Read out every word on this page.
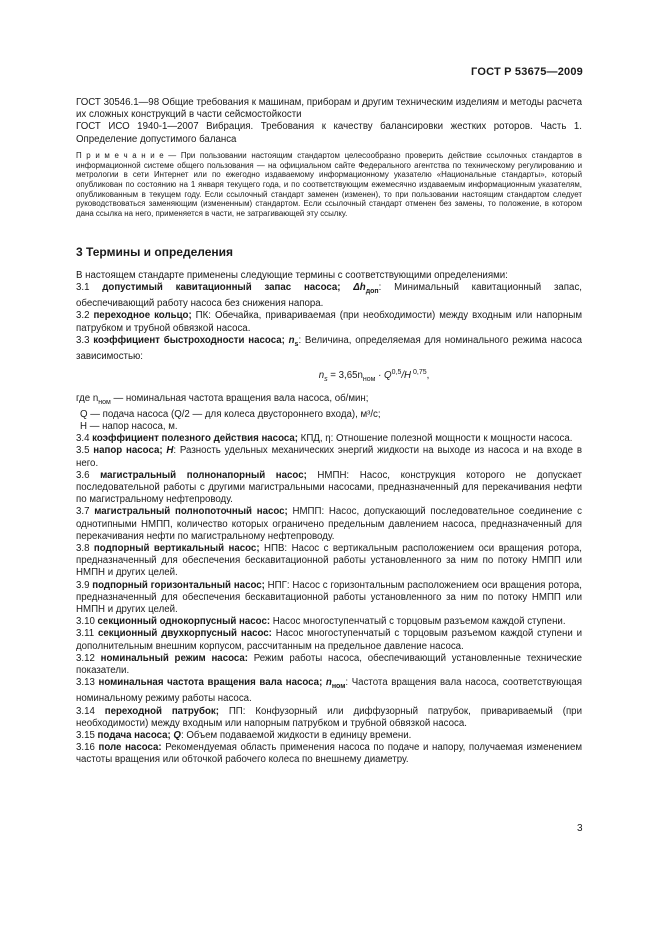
ГОСТ Р 53675—2009

ГОСТ 30546.1—98 Общие требования к машинам, приборам и другим техническим изделиям и методы расчета их сложных конструкций в части сейсмостойкости

ГОСТ ИСО 1940-1—2007 Вибрация. Требования к качеству балансировки жестких роторов. Часть 1. Определение допустимого баланса

П р и м е ч а н и е — При пользовании настоящим стандартом целесообразно проверить действие ссылочных стандартов в информационной системе общего пользования — на официальном сайте Федерального агентства по техническому регулированию и метрологии в сети Интернет или по ежегодно издаваемому информационному указателю «Национальные стандарты», который опубликован по состоянию на 1 января текущего года, и по соответствующим ежемесячно издаваемым информационным указателям, опубликованным в текущем году. Если ссылочный стандарт заменен (изменен), то при пользовании настоящим стандартом следует руководствоваться заменяющим (измененным) стандартом. Если ссылочный стандарт отменен без замены, то положение, в котором дана ссылка на него, применяется в части, не затрагивающей эту ссылку.

3 Термины и определения

В настоящем стандарте применены следующие термины с соответствующими определениями:

3.1 допустимый кавитационный запас насоса; $\Delta h_{доп}$: Минимальный кавитационный запас, обеспечивающий работу насоса без снижения напора.

3.2 переходное кольцо; ПК: Обечайка, привариваемая (при необходимости) между входным или напорным патрубком и трубной обвязкой насоса.

3.3 коэффициент быстроходности насоса; $n_s$: Величина, определяемая для номинального режима насоса зависимостью:

$n_s = 3,65n_{ном} \cdot Q^{0,5}/H$ $^{0,75}$,

где $n_{ном}$ — номинальная частота вращения вала насоса, об/мин;

Q — подача насоса (Q/2 — для колеса двустороннего входа), м³/с;

H — напор насоса, м.

3.4 коэффициент полезного действия насоса; КПД, η: Отношение полезной мощности к мощности насоса.

3.5 напор насоса; H: Разность удельных механических энергий жидкости на выходе из насоса и на входе в него.

3.6 магистральный полнонапорный насос; НМПН: Насос, конструкция которого не допускает последовательной работы с другими магистральными насосами, предназначенный для перекачивания нефти по магистральному нефтепроводу.

3.7 магистральный полнопоточный насос; НМПП: Насос, допускающий последовательное соединение с однотипными НМПП, количество которых ограничено предельным давлением насоса, предназначенный для перекачивания нефти по магистральному нефтепроводу.

3.8 подпорный вертикальный насос; НПВ: Насос с вертикальным расположением оси вращения ротора, предназначенный для обеспечения бескавитационной работы установленного за ним по потоку НМПП или НМПН и других целей.

3.9 подпорный горизонтальный насос; НПГ: Насос с горизонтальным расположением оси вращения ротора, предназначенный для обеспечения бескавитационной работы установленного за ним по потоку НМПП или НМПН и других целей.

3.10 секционный однокорпусный насос: Насос многоступенчатый с торцовым разъемом каждой ступени.

3.11 секционный двухкорпусный насос: Насос многоступенчатый с торцовым разъемом каждой ступени и дополнительным внешним корпусом, рассчитанным на предельное давление насоса.

3.12 номинальный режим насоса: Режим работы насоса, обеспечивающий установленные технические показатели.

3.13 номинальная частота вращения вала насоса; $n_{ном}$: Частота вращения вала насоса, соответствующая номинальному режиму работы насоса.

3.14 переходной патрубок; ПП: Конфузорный или диффузорный патрубок, привариваемый (при необходимости) между входным или напорным патрубком и трубной обвязкой насоса.

3.15 подача насоса; Q: Объем подаваемой жидкости в единицу времени.

3.16 поле насоса: Рекомендуемая область применения насоса по подаче и напору, получаемая изменением частоты вращения или обточкой рабочего колеса по внешнему диаметру.

3
